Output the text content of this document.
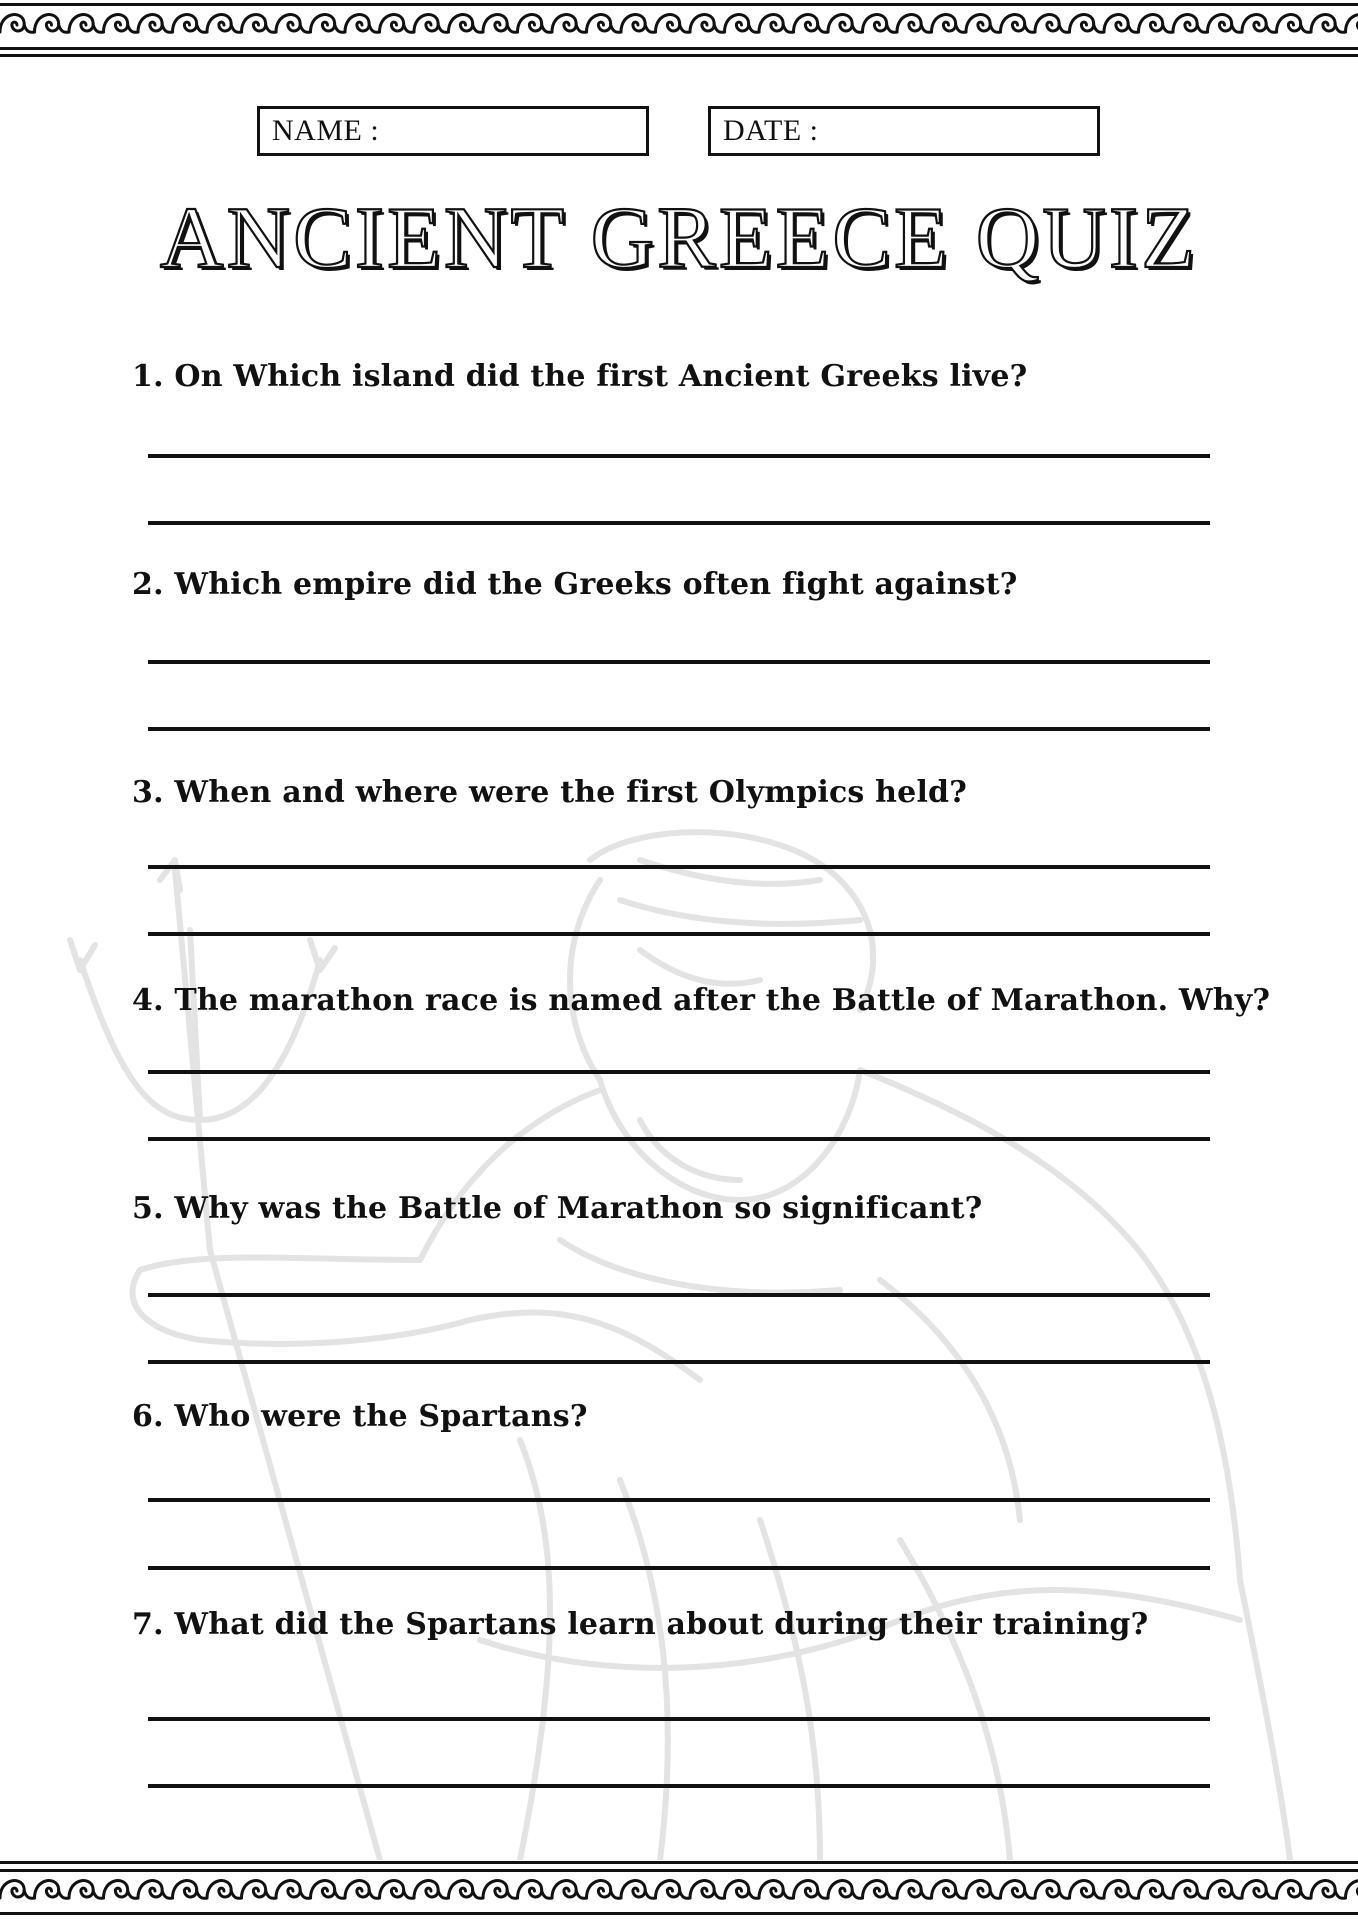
NAME :	DATE :
ANCIENT GREECE QUIZ
1. On Which island did the first Ancient Greeks live?
2. Which empire did the Greeks often fight against?
3. When and where were the first Olympics held?
4. The marathon race is named after the Battle of Marathon. Why?
5. Why was the Battle of Marathon so significant?
6. Who were the Spartans?
7. What did the Spartans learn about during their training?
